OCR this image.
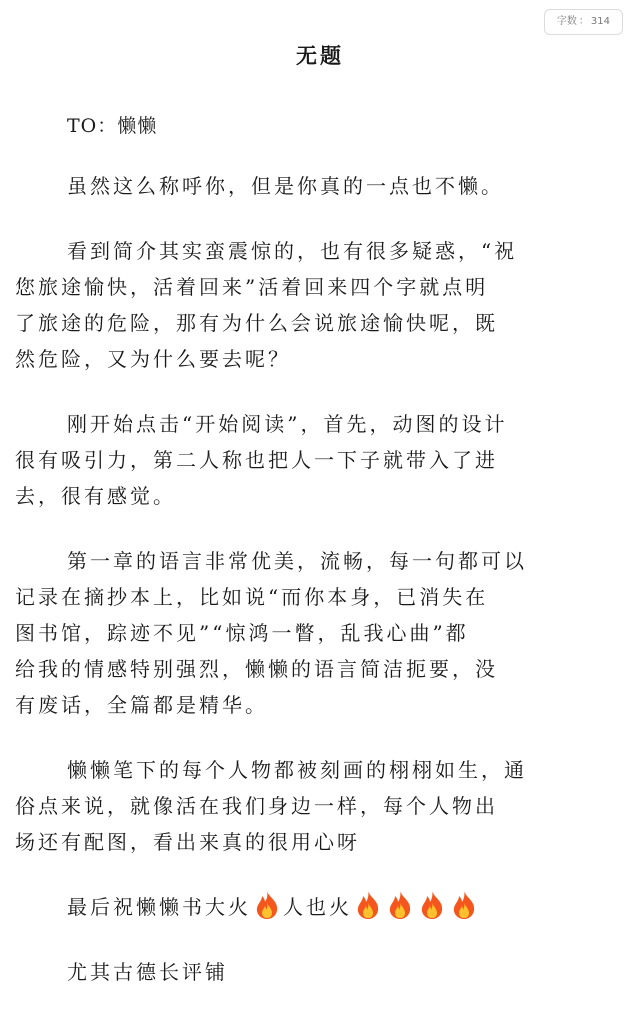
字数 ： 314
无题
TO：懒懒
虽然这么称呼你，但是你真的一点也不懒。
看到简介其实蛮震惊的，也有很多疑惑，“祝
您旅途愉快，活着回来”活着回来四个字就点明
了旅途的危险，那有为什么会说旅途愉快呢，既
然危险，又为什么要去呢？
刚开始点击“开始阅读”，首先，动图的设计
很有吸引力，第二人称也把人一下子就带入了进
去，很有感觉。
第一章的语言非常优美，流畅，每一句都可以
记录在摘抄本上，比如说“而你本身，已消失在
图书馆，踪迹不见”“惊鸿一瞥，乱我心曲”都
给我的情感特别强烈，懒懒的语言简洁扼要，没
有废话，全篇都是精华。
懒懒笔下的每个人物都被刻画的栩栩如生，通
俗点来说，就像活在我们身边一样，每个人物出
场还有配图，看出来真的很用心呀
最后祝懒懒书大火 人也火
尤其古德长评铺
